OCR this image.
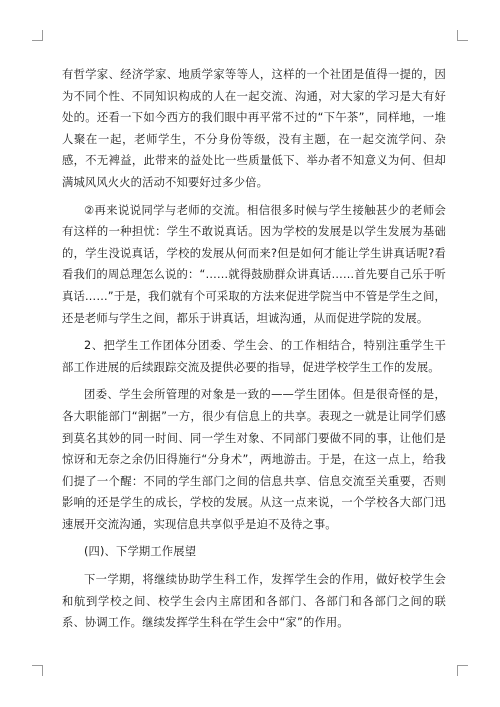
有哲学家、经济学家、地质学家等等人，这样的一个社团是值得一提的，因为不同个性、不同知识构成的人在一起交流、沟通，对大家的学习是大有好处的。还看一下如今西方的我们眼中再平常不过的“下午茶”，同样地，一堆人聚在一起，老师学生，不分身份等级，没有主题，在一起交流学问、杂感，不无裨益，此带来的益处比一些质量低下、举办者不知意义为何、但却满城风风火火的活动不知要好过多少倍。

②再来说说同学与老师的交流。相信很多时候与学生接触甚少的老师会有这样的一种担忧：学生不敢说真话。因为学校的发展是以学生发展为基础的，学生没说真话，学校的发展从何而来?但是如何才能让学生讲真话呢?看看我们的周总理怎么说的：“……就得鼓励群众讲真话……首先要自己乐于听真话……”于是，我们就有个可采取的方法来促进学院当中不管是学生之间，还是老师与学生之间，都乐于讲真话，坦诚沟通，从而促进学院的发展。

2、把学生工作团体分团委、学生会、的工作相结合，特别注重学生干部工作进展的后续跟踪交流及提供必要的指导，促进学校学生工作的发展。

团委、学生会所管理的对象是一致的——学生团体。但是很奇怪的是，各大职能部门“割据”一方，很少有信息上的共享。表现之一就是让同学们感到莫名其妙的同一时间、同一学生对象、不同部门要做不同的事，让他们是惊讶和无奈之余仍旧得施行“分身术”，两地游击。于是，在这一点上，给我们提了一个醒：不同的学生部门之间的信息共享、信息交流至关重要，否则影响的还是学生的成长，学校的发展。从这一点来说，一个学校各大部门迅速展开交流沟通，实现信息共享似乎是迫不及待之事。

(四)、下学期工作展望

下一学期，将继续协助学生科工作，发挥学生会的作用，做好校学生会和航到学校之间、校学生会内主席团和各部门、各部门和各部门之间的联系、协调工作。继续发挥学生科在学生会中“家”的作用。
